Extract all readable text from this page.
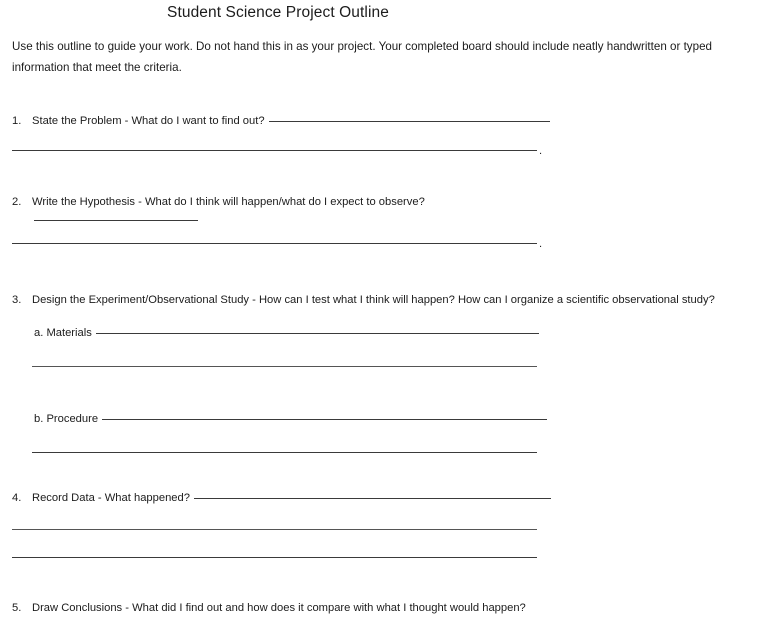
Student Science Project Outline
Use this outline to guide your work. Do not hand this in as your project. Your completed board should include neatly handwritten or typed information that meet the criteria.
1. State the Problem - What do I want to find out?
.
2. Write the Hypothesis - What do I think will happen/what do I expect to observe?
.
3. Design the Experiment/Observational Study - How can I test what I think will happen? How can I organize a scientific observational study?
a. Materials
b. Procedure
4. Record Data - What happened?
5. Draw Conclusions - What did I find out and how does it compare with what I thought would happen?
